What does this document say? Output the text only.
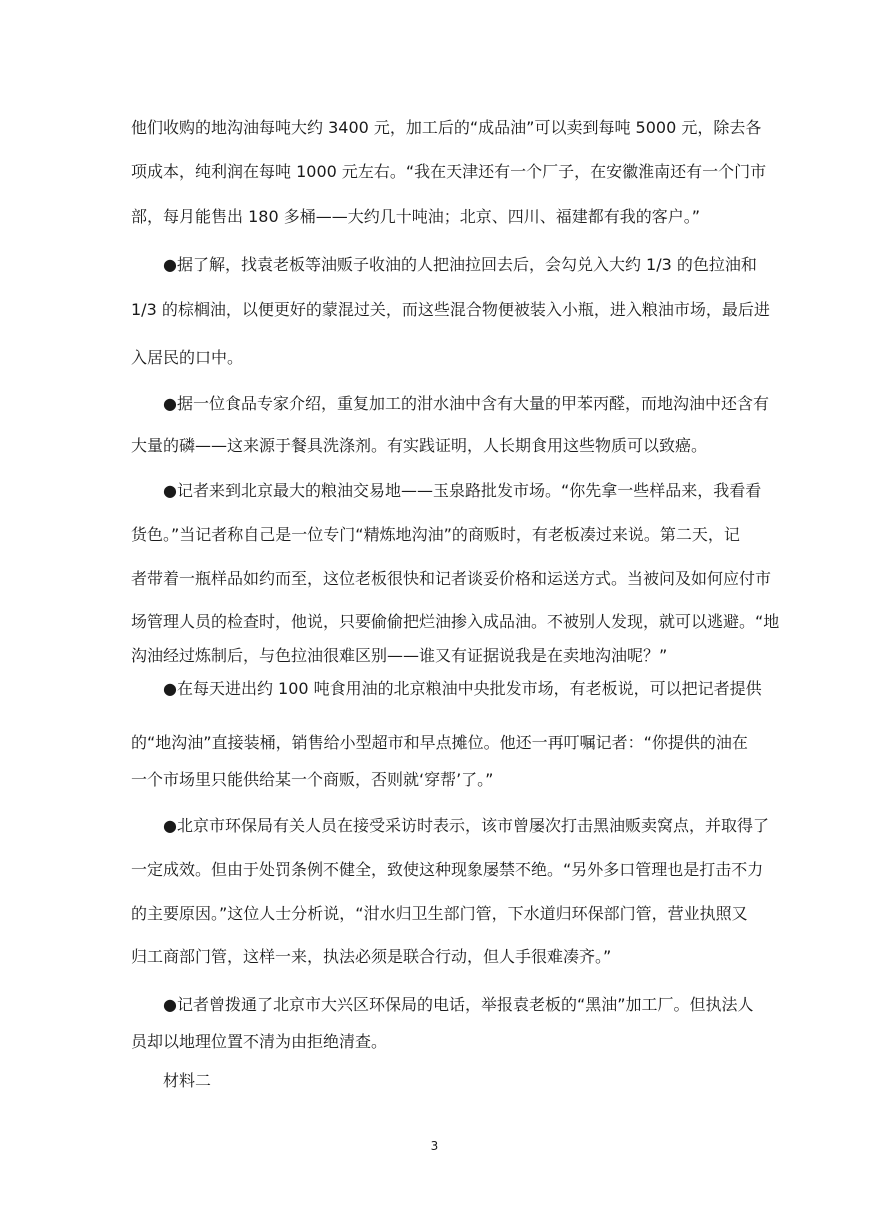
他们收购的地沟油每吨大约 3400 元，加工后的“成品油”可以卖到每吨 5000 元，除去各
项成本，纯利润在每吨 1000 元左右。“我在天津还有一个厂子，在安徽淮南还有一个门市
部，每月能售出 180 多桶——大约几十吨油；北京、四川、福建都有我的客户。”
●据了解，找袁老板等油贩子收油的人把油拉回去后，会勾兑入大约 1/3 的色拉油和
1/3 的棕榈油，以便更好的蒙混过关，而这些混合物便被装入小瓶，进入粮油市场，最后进
入居民的口中。
●据一位食品专家介绍，重复加工的泔水油中含有大量的甲苯丙醛，而地沟油中还含有
大量的磷——这来源于餐具洗涤剂。有实践证明，人长期食用这些物质可以致癌。
●记者来到北京最大的粮油交易地——玉泉路批发市场。“你先拿一些样品来，我看看
货色。”当记者称自己是一位专门“精炼地沟油”的商贩时，有老板凑过来说。第二天，记
者带着一瓶样品如约而至，这位老板很快和记者谈妥价格和运送方式。当被问及如何应付市
场管理人员的检查时，他说，只要偷偷把烂油掺入成品油。不被别人发现，就可以逃避。“地
沟油经过炼制后，与色拉油很难区别——谁又有证据说我是在卖地沟油呢？”
●在每天进出约 100 吨食用油的北京粮油中央批发市场，有老板说，可以把记者提供
的“地沟油”直接装桶，销售给小型超市和早点摊位。他还一再叮嘱记者：“你提供的油在
一个市场里只能供给某一个商贩，否则就‘穿帮’了。”
●北京市环保局有关人员在接受采访时表示，该市曾屡次打击黑油贩卖窝点，并取得了
一定成效。但由于处罚条例不健全，致使这种现象屡禁不绝。“另外多口管理也是打击不力
的主要原因。”这位人士分析说，“泔水归卫生部门管，下水道归环保部门管，营业执照又
归工商部门管，这样一来，执法必须是联合行动，但人手很难凑齐。”
●记者曾拨通了北京市大兴区环保局的电话，举报袁老板的“黑油”加工厂。但执法人
员却以地理位置不清为由拒绝清查。
材料二
3
